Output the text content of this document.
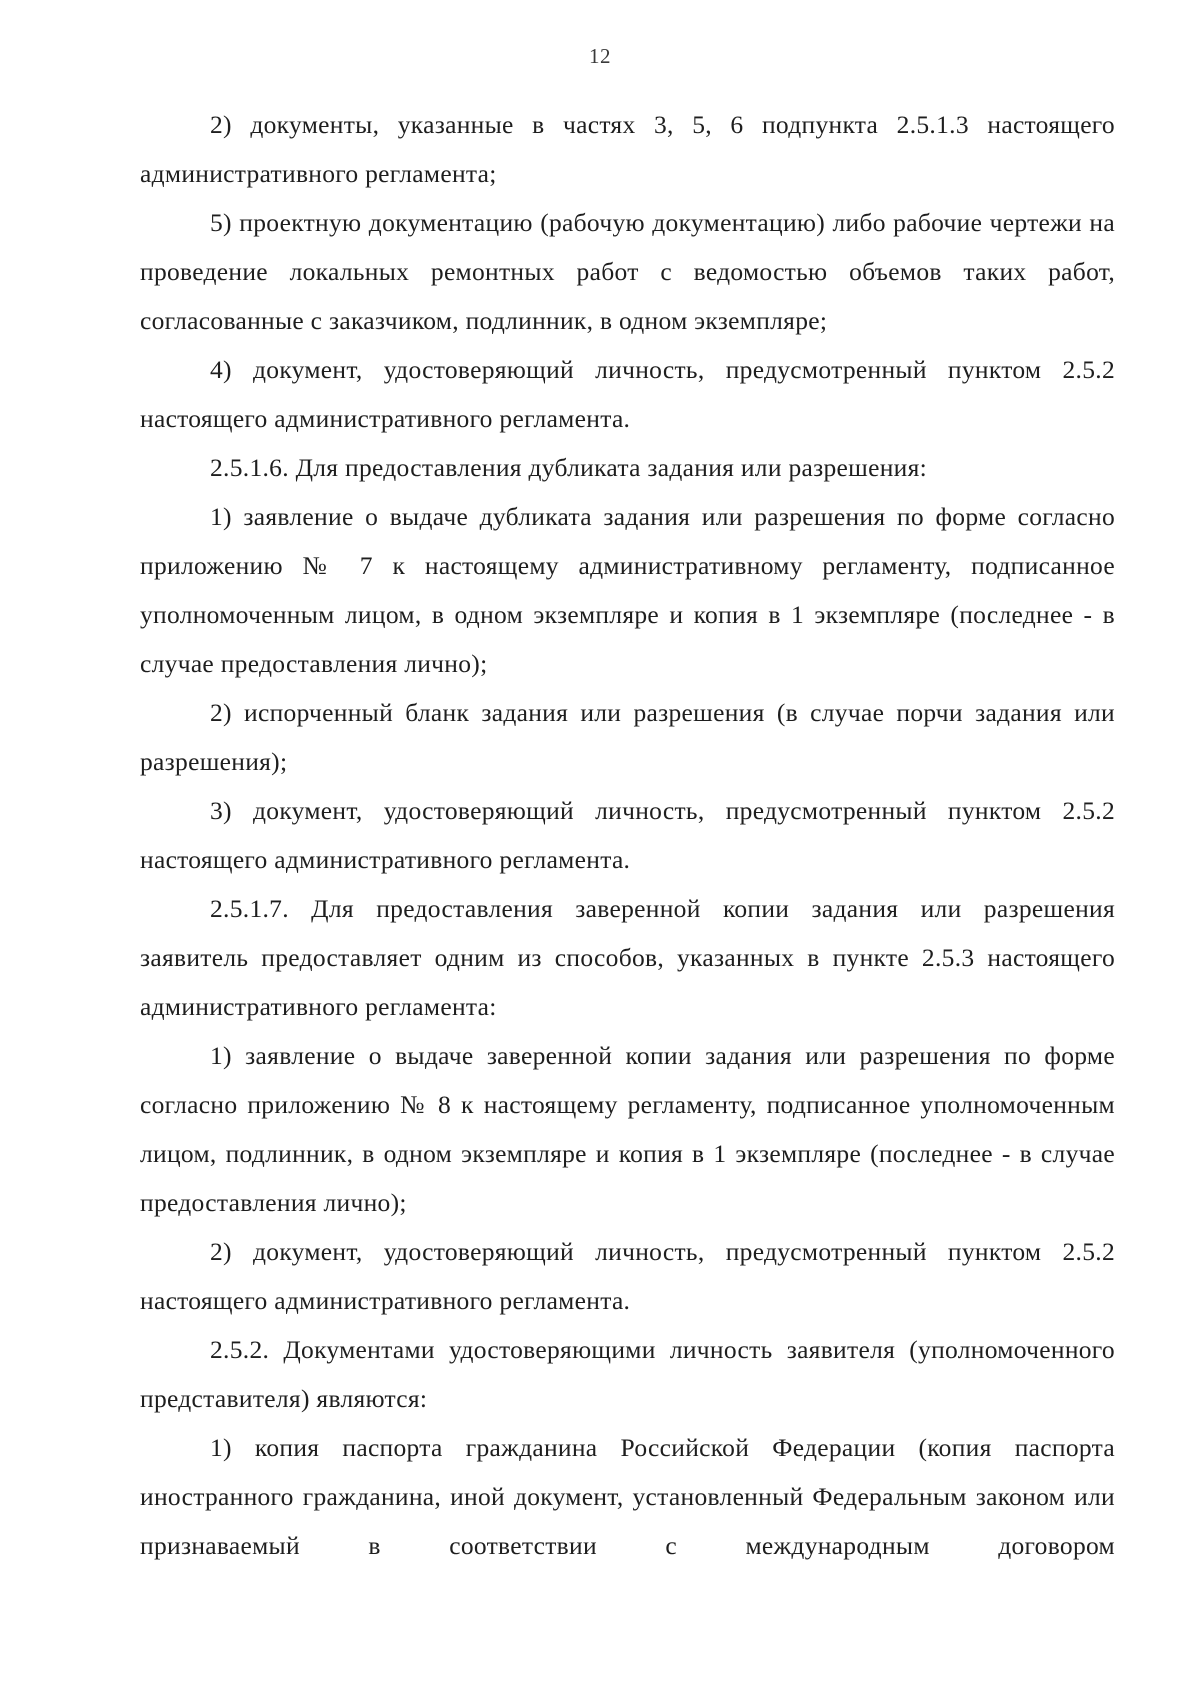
12

2) документы, указанные в частях 3, 5, 6 подпункта 2.5.1.3 настоящего административного регламента;

5) проектную документацию (рабочую документацию) либо рабочие чертежи на проведение локальных ремонтных работ с ведомостью объемов таких работ, согласованные с заказчиком, подлинник, в одном экземпляре;

4) документ, удостоверяющий личность, предусмотренный пунктом 2.5.2 настоящего административного регламента.

2.5.1.6. Для предоставления дубликата задания или разрешения:

1) заявление о выдаче дубликата задания или разрешения по форме согласно приложению № 7 к настоящему административному регламенту, подписанное уполномоченным лицом, в одном экземпляре и копия в 1 экземпляре (последнее - в случае предоставления лично);

2) испорченный бланк задания или разрешения (в случае порчи задания или разрешения);

3) документ, удостоверяющий личность, предусмотренный пунктом 2.5.2 настоящего административного регламента.

2.5.1.7. Для предоставления заверенной копии задания или разрешения заявитель предоставляет одним из способов, указанных в пункте 2.5.3 настоящего административного регламента:

1) заявление о выдаче заверенной копии задания или разрешения по форме согласно приложению № 8 к настоящему регламенту, подписанное уполномоченным лицом, подлинник, в одном экземпляре и копия в 1 экземпляре (последнее - в случае предоставления лично);

2) документ, удостоверяющий личность, предусмотренный пунктом 2.5.2 настоящего административного регламента.

2.5.2. Документами удостоверяющими личность заявителя (уполномоченного представителя) являются:

1) копия паспорта гражданина Российской Федерации (копия паспорта иностранного гражданина, иной документ, установленный Федеральным законом или признаваемый в соответствии с международным договором
